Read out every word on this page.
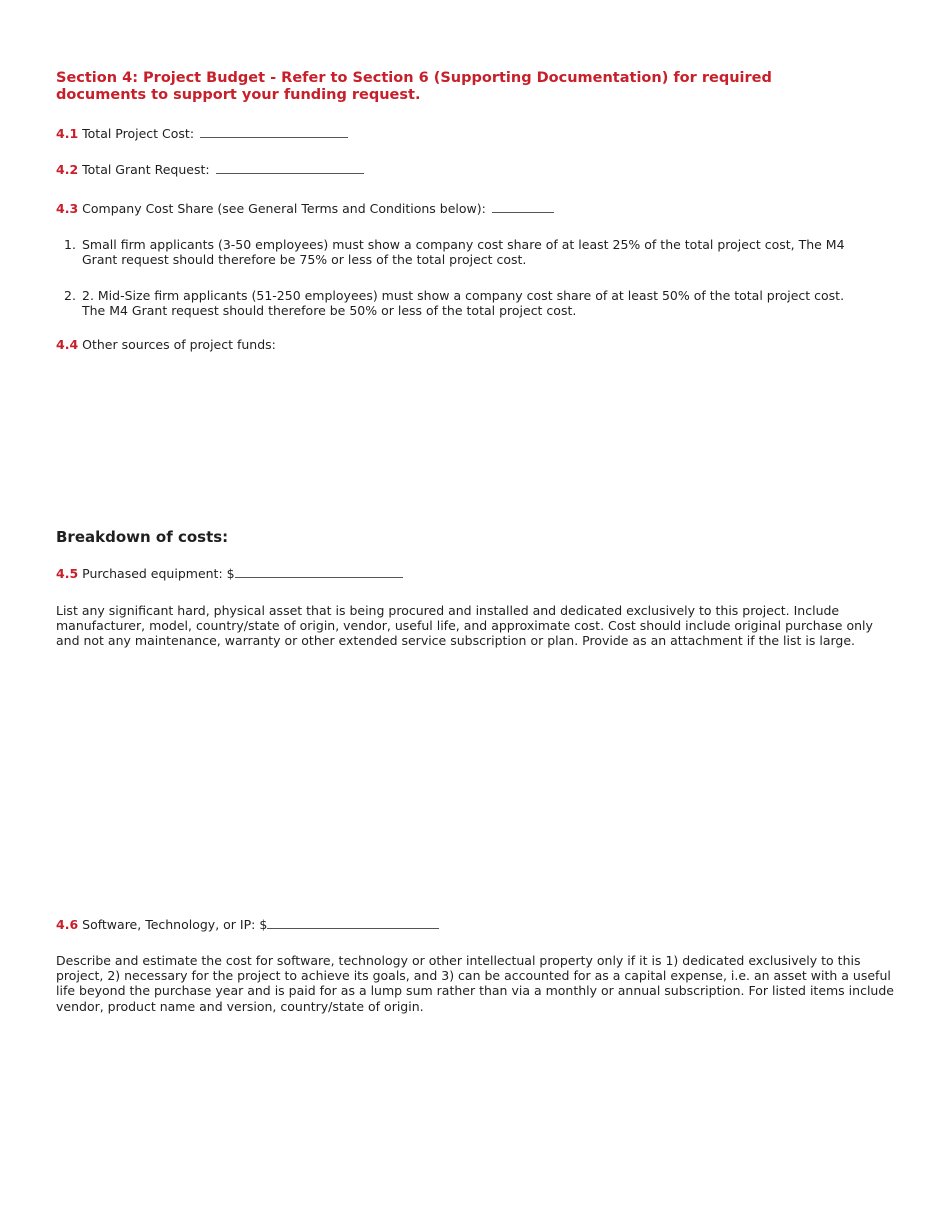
Section 4: Project Budget - Refer to Section 6 (Supporting Documentation) for required documents to support your funding request.
4.1 Total Project Cost:
4.2 Total Grant Request:
4.3 Company Cost Share (see General Terms and Conditions below):
1. Small firm applicants (3-50 employees) must show a company cost share of at least 25% of the total project cost, The M4 Grant request should therefore be 75% or less of the total project cost.
2. 2. Mid-Size firm applicants (51-250 employees) must show a company cost share of at least 50% of the total project cost. The M4 Grant request should therefore be 50% or less of the total project cost.
4.4 Other sources of project funds:
Breakdown of costs:
4.5 Purchased equipment: $
List any significant hard, physical asset that is being procured and installed and dedicated exclusively to this project. Include manufacturer, model, country/state of origin, vendor, useful life, and approximate cost. Cost should include original purchase only and not any maintenance, warranty or other extended service subscription or plan. Provide as an attachment if the list is large.
4.6 Software, Technology, or IP: $
Describe and estimate the cost for software, technology or other intellectual property only if it is 1) dedicated exclusively to this project, 2) necessary for the project to achieve its goals, and 3) can be accounted for as a capital expense, i.e. an asset with a useful life beyond the purchase year and is paid for as a lump sum rather than via a monthly or annual subscription. For listed items include vendor, product name and version, country/state of origin.
